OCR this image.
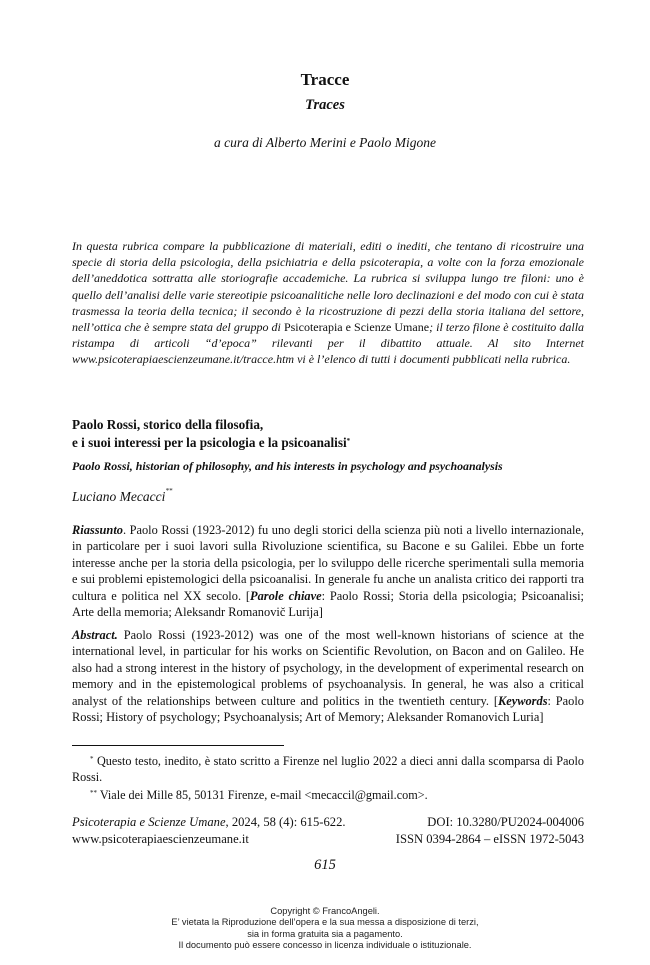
Tracce
Traces
a cura di Alberto Merini e Paolo Migone
In questa rubrica compare la pubblicazione di materiali, editi o inediti, che tentano di ricostruire una specie di storia della psicologia, della psichiatria e della psicoterapia, a volte con la forza emozionale dell’aneddotica sottratta alle storiografie accademiche. La rubrica si sviluppa lungo tre filoni: uno è quello dell’analisi delle varie stereotipie psicoanalitiche nelle loro declinazioni e del modo con cui è stata trasmessa la teoria della tecnica; il secondo è la ricostruzione di pezzi della storia italiana del settore, nell’ottica che è sempre stata del gruppo di Psicoterapia e Scienze Umane; il terzo filone è costituito dalla ristampa di articoli “d’epoca” rilevanti per il dibattito attuale. Al sito Internet www.psicoterapiaescienzeumane.it/tracce.htm vi è l’elenco di tutti i documenti pubblicati nella rubrica.
Paolo Rossi, storico della filosofia,
e i suoi interessi per la psicologia e la psicoanalisi*
Paolo Rossi, historian of philosophy, and his interests in psychology and psychoanalysis
Luciano Mecacci**
Riassunto. Paolo Rossi (1923-2012) fu uno degli storici della scienza più noti a livello internazionale, in particolare per i suoi lavori sulla Rivoluzione scientifica, su Bacone e su Galilei. Ebbe un forte interesse anche per la storia della psicologia, per lo sviluppo delle ricerche sperimentali sulla memoria e sui problemi epistemologici della psicoanalisi. In generale fu anche un analista critico dei rapporti tra cultura e politica nel XX secolo. [Parole chiave: Paolo Rossi; Storia della psicologia; Psicoanalisi; Arte della memoria; Aleksandr Romanovič Lurija]
Abstract. Paolo Rossi (1923-2012) was one of the most well-known historians of science at the international level, in particular for his works on Scientific Revolution, on Bacon and on Galileo. He also had a strong interest in the history of psychology, in the development of experimental research on memory and in the epistemological problems of psychoanalysis. In general, he was also a critical analyst of the relationships between culture and politics in the twentieth century. [Keywords: Paolo Rossi; History of psychology; Psychoanalysis; Art of Memory; Aleksander Romanovich Luria]
* Questo testo, inedito, è stato scritto a Firenze nel luglio 2022 a dieci anni dalla scomparsa di Paolo Rossi.
** Viale dei Mille 85, 50131 Firenze, e-mail <mecaccil@gmail.com>.
Psicoterapia e Scienze Umane, 2024, 58 (4): 615-622.	DOI: 10.3280/PU2024-004006
www.psicoterapiaescienzeumane.it	ISSN 0394-2864 – eISSN 1972-5043
615
Copyright © FrancoAngeli.
E’ vietata la Riproduzione dell’opera e la sua messa a disposizione di terzi,
sia in forma gratuita sia a pagamento.
Il documento può essere concesso in licenza individuale o istituzionale.
